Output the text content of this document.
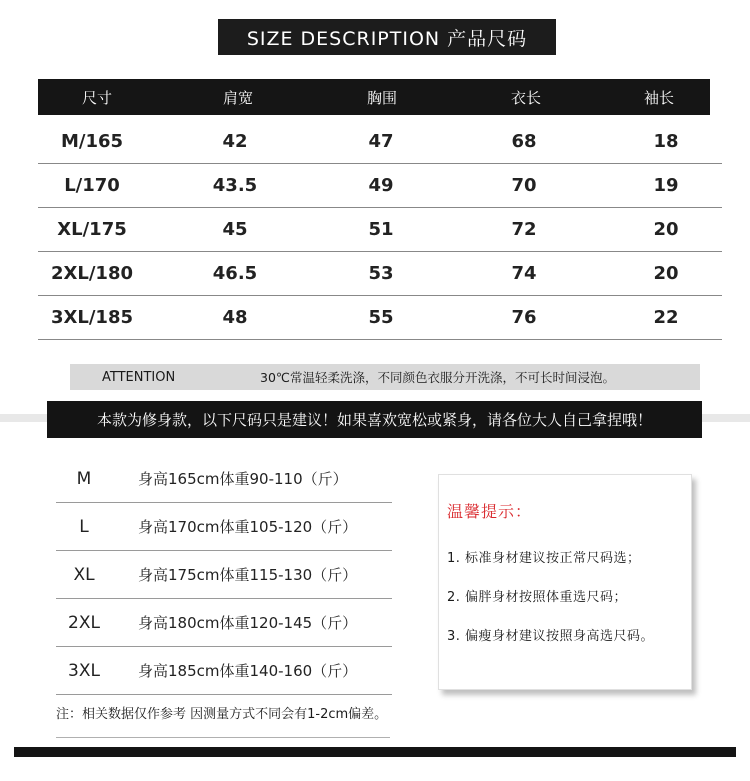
SIZE DESCRIPTION 产品尺码
尺寸	肩宽	胸围	衣长	袖长
M/165	42	47	68	18
L/170	43.5	49	70	19
XL/175	45	51	72	20
2XL/180	46.5	53	74	20
3XL/185	48	55	76	22
ATTENTION	30℃常温轻柔洗涤，不同颜色衣服分开洗涤，不可长时间浸泡。
本款为修身款，以下尺码只是建议！如果喜欢宽松或紧身，请各位大人自己拿捏哦！
M	身高165cm体重90-110（斤）
L	身高170cm体重105-120（斤）
XL	身高175cm体重115-130（斤）
2XL	身高180cm体重120-145（斤）
3XL	身高185cm体重140-160（斤）
温馨提示：
1. 标准身材建议按正常尺码选；
2. 偏胖身材按照体重选尺码；
3. 偏瘦身材建议按照身高选尺码。
注：相关数据仅作参考 因测量方式不同会有1-2cm偏差。
